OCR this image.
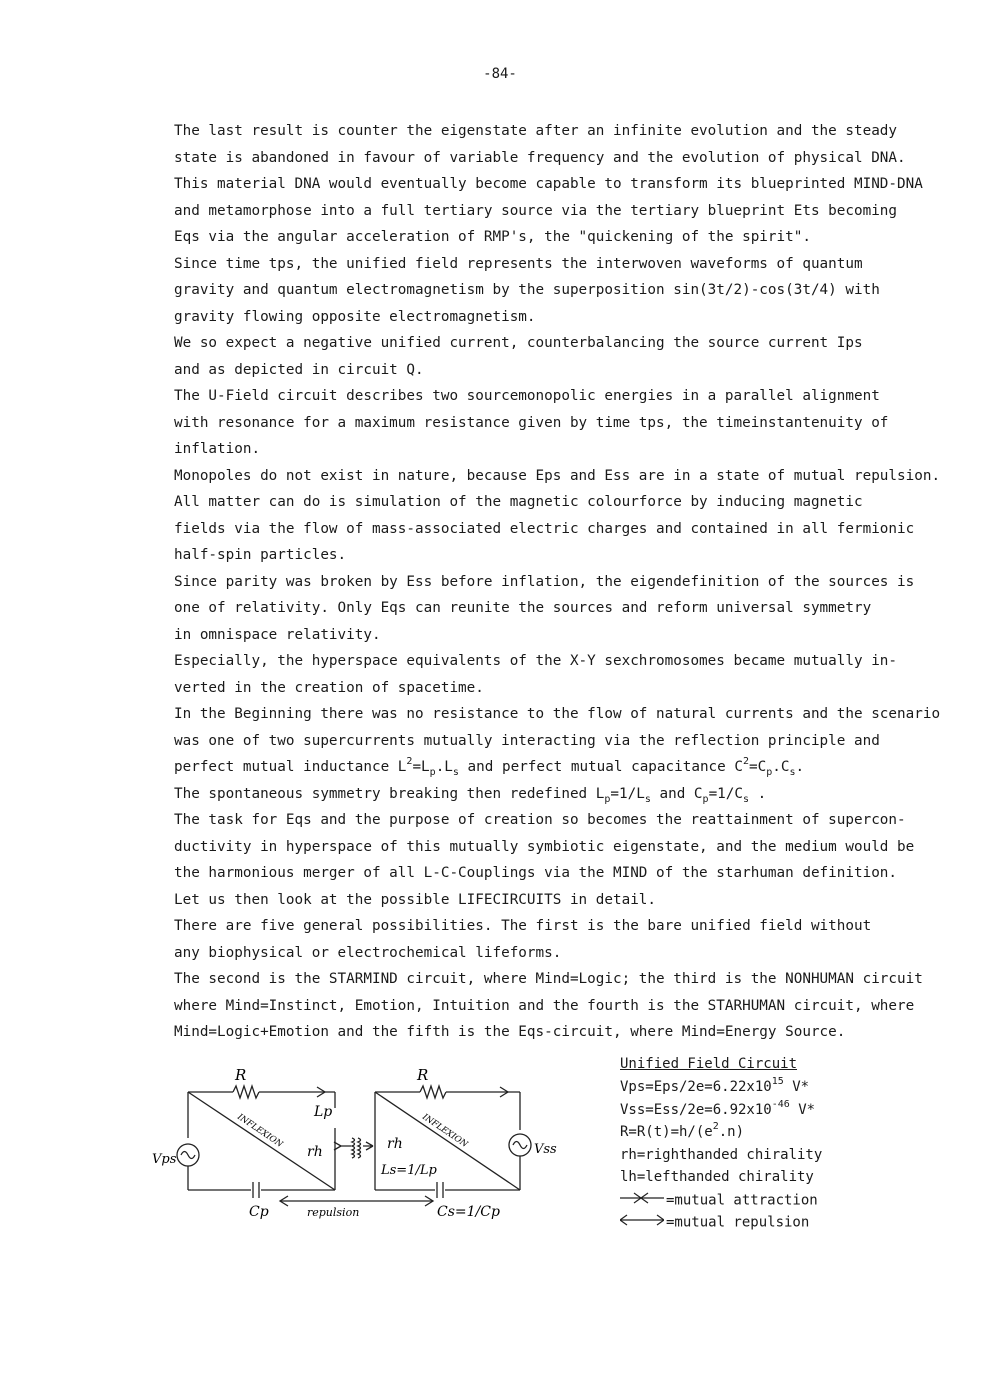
-84-
The last result is counter the eigenstate after an infinite evolution and the steady
state is abandoned in favour of variable frequency and the evolution of physical DNA.
This material DNA would eventually become capable to transform its blueprinted MIND-DNA
and metamorphose into a full tertiary source via the tertiary blueprint Ets becoming
Eqs via the angular acceleration of RMP's, the "quickening of the spirit".
Since time tps, the unified field represents the interwoven waveforms of quantum
gravity and quantum electromagnetism by the superposition sin(3t/2)-cos(3t/4) with
gravity flowing opposite electromagnetism.
We so expect a negative unified current, counterbalancing the source current Ips
and as depicted in circuit Q.
The U-Field circuit describes two sourcemonopolic energies in a parallel alignment
with resonance for a maximum resistance given by time tps, the timeinstantenuity of
inflation.
Monopoles do not exist in nature, because Eps and Ess are in a state of mutual repulsion.
All matter can do is simulation of the magnetic colourforce by inducing magnetic
fields via the flow of mass-associated electric charges and contained in all fermionic
half-spin particles.
Since parity was broken by Ess before inflation, the eigendefinition of the sources is
one of relativity. Only Eqs can reunite the sources and reform universal symmetry
in omnispace relativity.
Especially, the hyperspace equivalents of the X-Y sexchromosomes became mutually in-
verted in the creation of spacetime.
In the Beginning there was no resistance to the flow of natural currents and the scenario
was one of two supercurrents mutually interacting via the reflection principle and
perfect mutual inductance $L^2=L_p.L_s$ and perfect mutual capacitance $C^2=C_p.C_s$.
The spontaneous symmetry breaking then redefined $L_p=1/L_s$ and $C_p=1/C_s$ .
The task for Eqs and the purpose of creation so becomes the reattainment of supercon-
ductivity in hyperspace of this mutually symbiotic eigenstate, and the medium would be
the harmonious merger of all L-C-Couplings via the MIND of the starhuman definition.
Let us then look at the possible LIFECIRCUITS in detail.
There are five general possibilities. The first is the bare unified field without
any biophysical or electrochemical lifeforms.
The second is the STARMIND circuit, where Mind=Logic; the third is the NONHUMAN circuit
where Mind=Instinct, Emotion, Intuition and the fourth is the STARHUMAN circuit, where
Mind=Logic+Emotion and the fifth is the Eqs-circuit, where Mind=Energy Source.
R	R
Lp
rh	rh
INFLEXION	INFLEXION
Ls=1/Lp
Vps
Vss
Cp	Cs=1/Cp
repulsion
Unified Field Circuit
$Vps=Eps/2e=6.22x10^{15}$ V*
$Vss=Ess/2e=6.92x10^{-46}$ V*
$R=R(t)=h/(e^2.n)$
rh=righthanded chirality
lh=lefthanded chirality
=mutual attraction
=mutual repulsion
